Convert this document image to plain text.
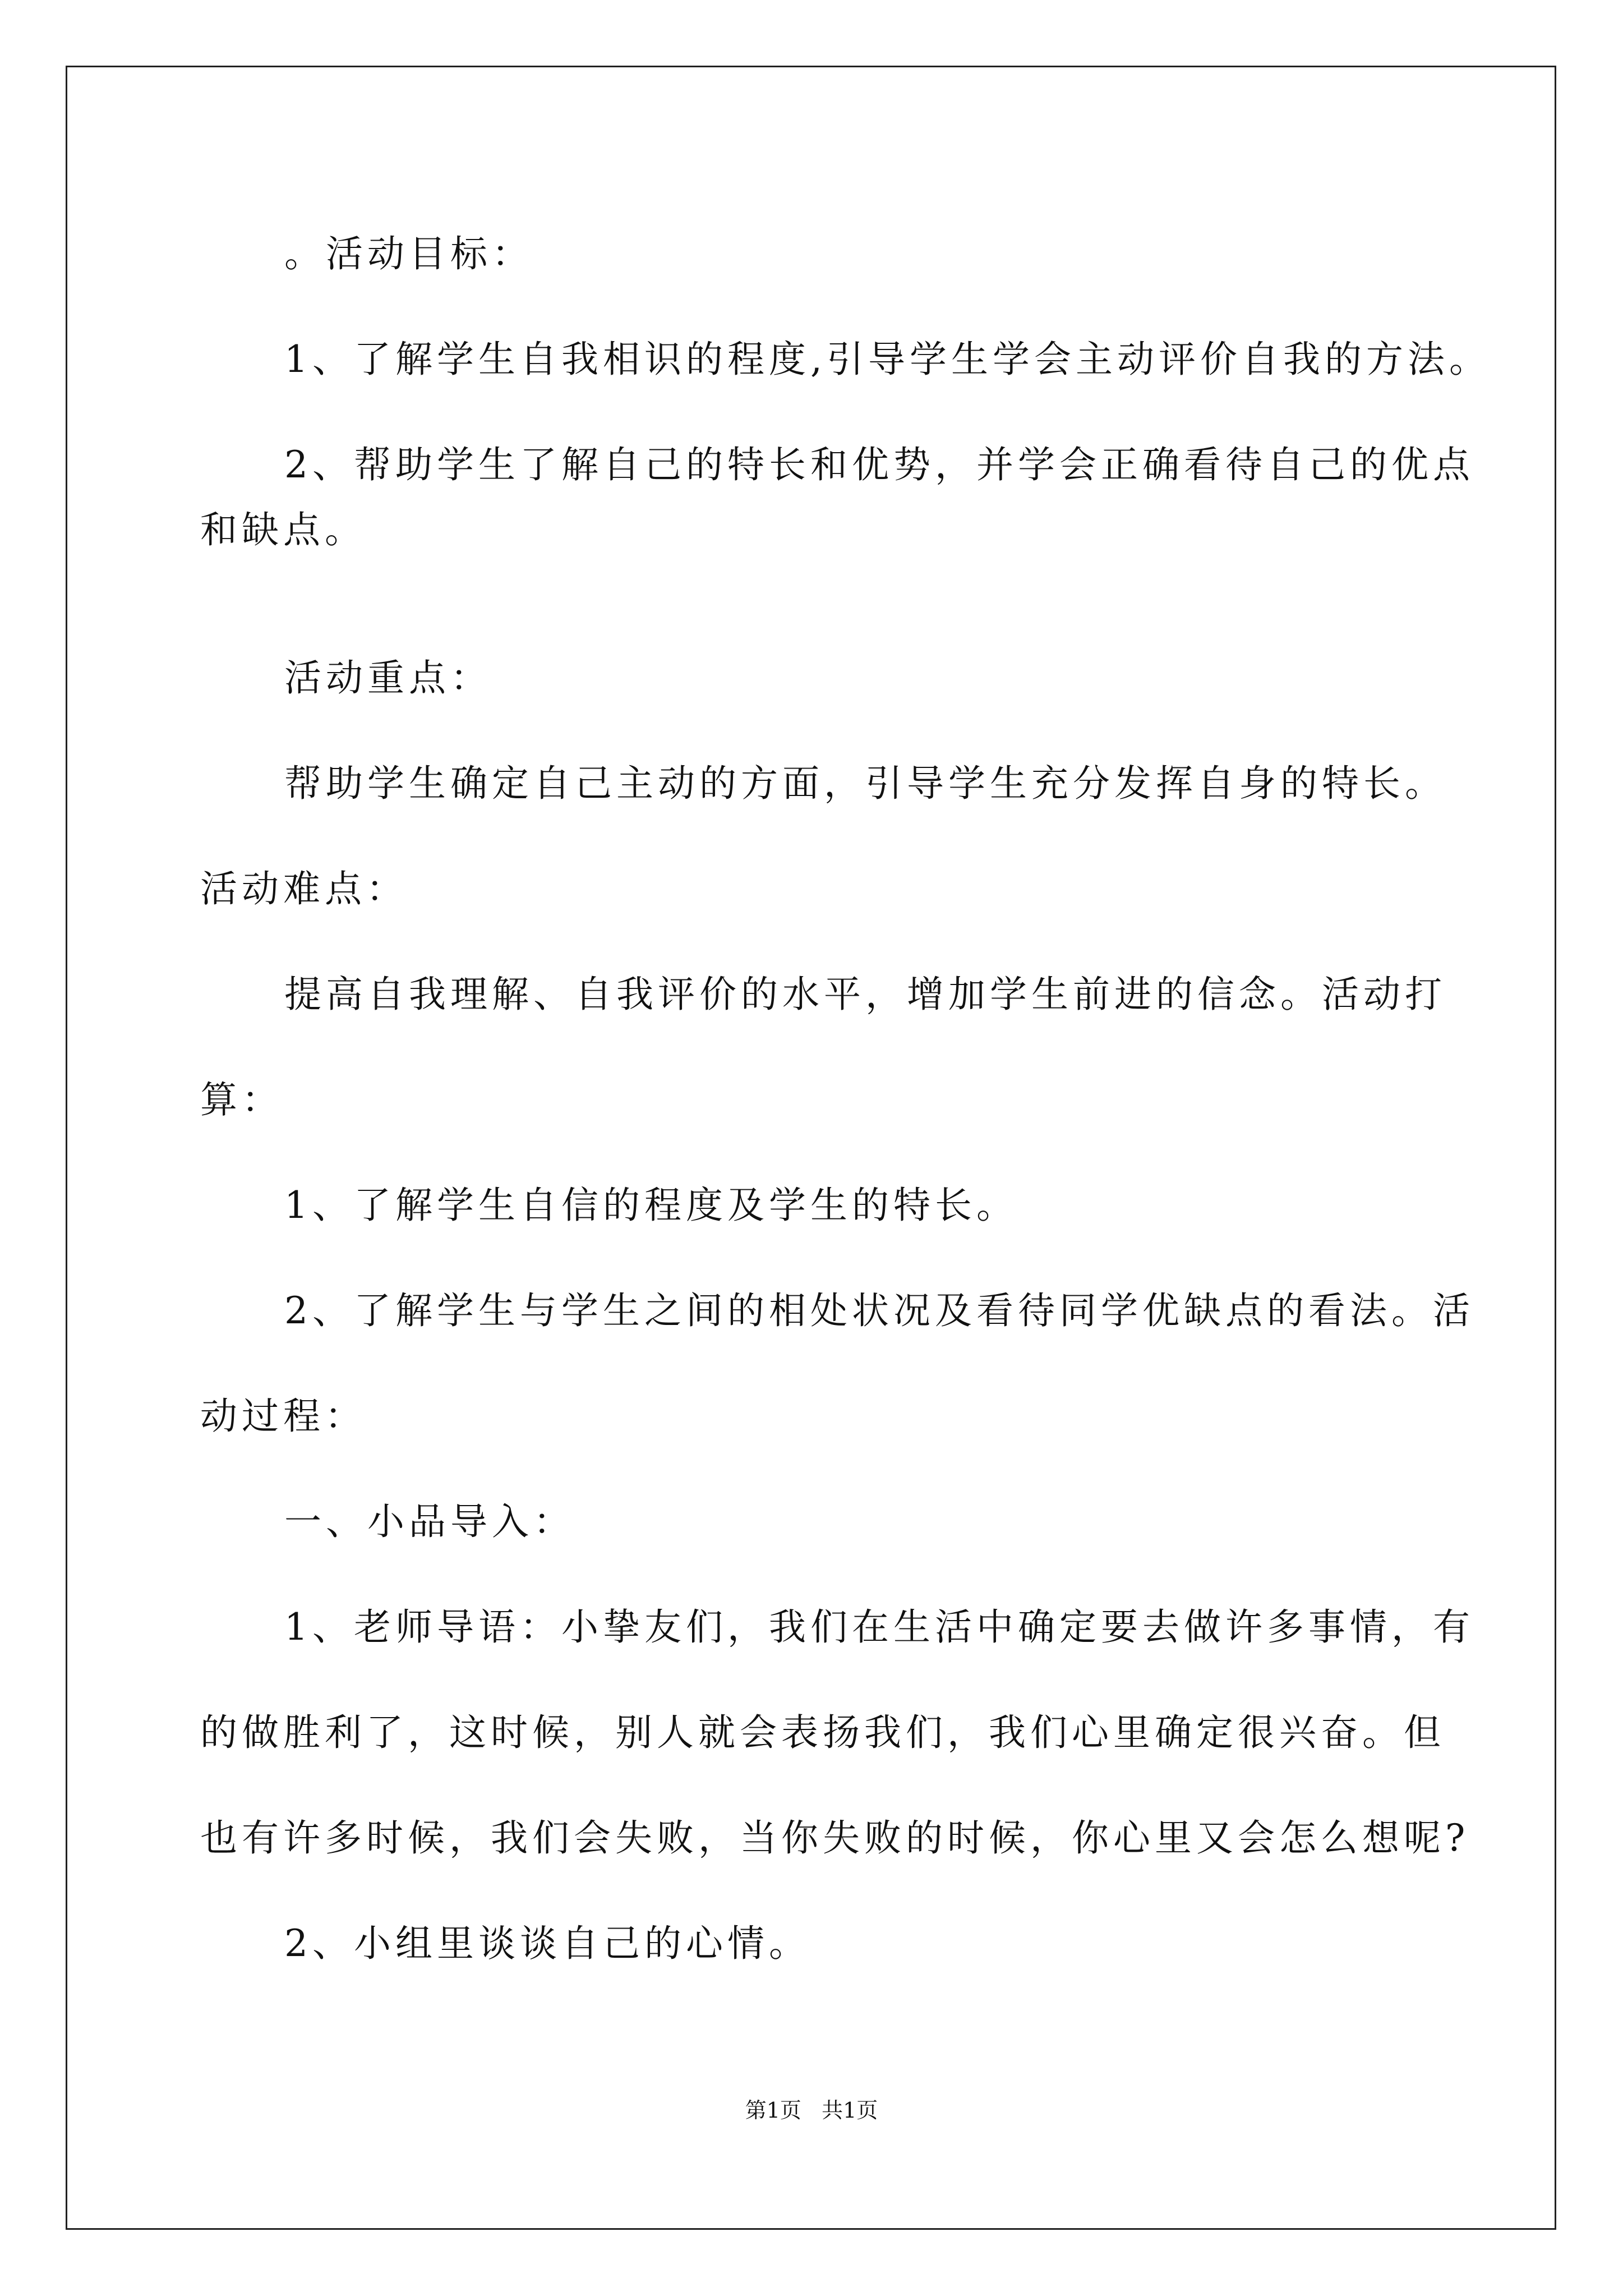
。活动目标：
1、了解学生自我相识的程度,引导学生学会主动评价自我的方法。
2、帮助学生了解自己的特长和优势，并学会正确看待自己的优点
和缺点。
活动重点：
帮助学生确定自己主动的方面，引导学生充分发挥自身的特长。
活动难点：
提高自我理解、自我评价的水平，增加学生前进的信念。活动打
算：
1、了解学生自信的程度及学生的特长。
2、了解学生与学生之间的相处状况及看待同学优缺点的看法。活
动过程：
一、小品导入：
1、老师导语：小挚友们，我们在生活中确定要去做许多事情，有
的做胜利了，这时候，别人就会表扬我们，我们心里确定很兴奋。但
也有许多时候，我们会失败，当你失败的时候，你心里又会怎么想呢?
2、小组里谈谈自己的心情。
第1页   共1页
